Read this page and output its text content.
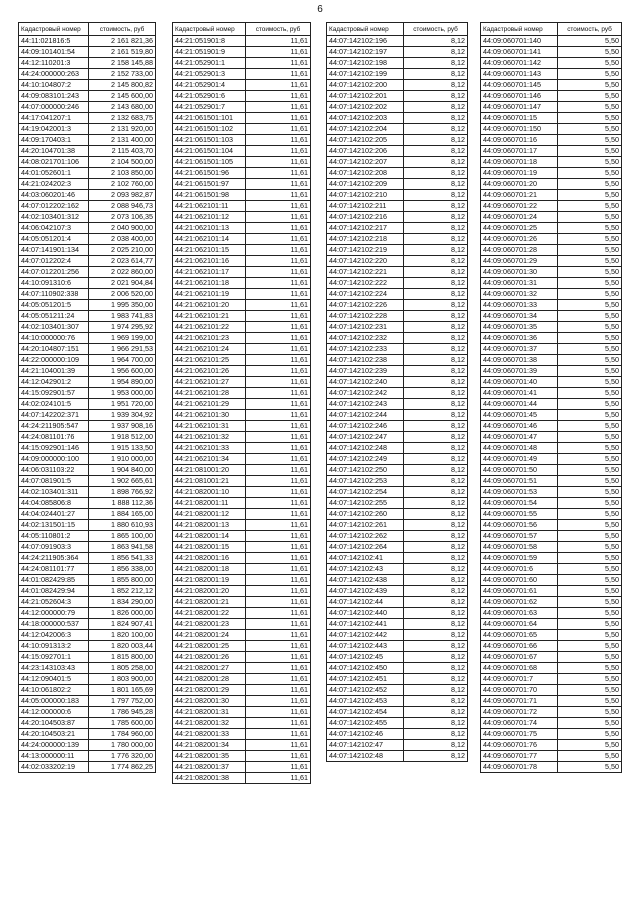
6
Кадастровый номер	стоимость, руб
44:11:021816:5	2 161 821,36
44:09:101401:54	2 161 519,80
44:12:110201:3	2 158 145,88
44:24:000000:263	2 152 733,00
44:10:104807:2	2 145 800,82
44:09:083101:243	2 145 600,00
44:07:000000:246	2 143 680,00
44:17:041207:1	2 132 683,75
44:19:042001:3	2 131 920,00
44:09:170403:1	2 131 400,00
44:20:104701:38	2 115 403,70
44:08:021701:106	2 104 500,00
44:01:052601:1	2 103 850,00
44:21:024202:3	2 102 760,00
44:03:060201:46	2 093 982,87
44:07:012202:162	2 088 946,73
44:02:103401:312	2 073 106,35
44:06:042107:3	2 040 900,00
44:05:051201:4	2 038 400,00
44:07:141901:134	2 025 210,00
44:07:012202:4	2 023 614,77
44:07:012201:256	2 022 860,00
44:10:091310:6	2 021 904,84
44:07:110902:338	2 006 520,00
44:05:051201:5	1 995 350,00
44:05:051211:24	1 983 741,83
44:02:103401:307	1 974 295,92
44:10:000000:76	1 969 199,00
44:20:104807:151	1 966 291,53
44:22:000000:109	1 964 700,00
44:21:104001:39	1 956 600,00
44:12:042901:2	1 954 890,00
44:15:092901:57	1 953 000,00
44:02:024101:5	1 951 720,00
44:07:142202:371	1 939 304,92
44:24:211905:547	1 937 908,16
44:24:081101:76	1 918 512,00
44:15:092901:146	1 915 133,50
44:09:000000:100	1 910 000,00
44:06:031103:22	1 904 840,00
44:07:081901:5	1 902 665,61
44:02:103401:311	1 898 766,92
44:04:085806:8	1 888 112,36
44:04:024401:27	1 884 165,00
44:02:131501:15	1 880 610,93
44:05:110801:2	1 865 100,00
44:07:091903:3	1 863 941,58
44:24:211905:364	1 856 541,33
44:24:081101:77	1 856 338,00
44:01:082429:85	1 855 800,00
44:01:082429:94	1 852 212,12
44:21:052604:3	1 834 290,00
44:12:000000:79	1 826 000,00
44:18:000000:537	1 824 907,41
44:12:042006:3	1 820 100,00
44:10:091313:2	1 820 003,44
44:15:092701:1	1 815 800,00
44:23:143103:43	1 805 258,00
44:12:090401:5	1 803 900,00
44:10:061802:2	1 801 165,69
44:05:000000:183	1 797 752,00
44:12:000000:6	1 786 945,28
44:20:104503:87	1 785 600,00
44:20:104503:21	1 784 960,00
44:24:000000:139	1 780 000,00
44:13:000000:11	1 776 320,00
44:02:033202:19	1 774 862,25
Кадастровый номер	стоимость, руб
44:21:051901:8	11,61
44:21:051901:9	11,61
44:21:052901:1	11,61
44:21:052901:3	11,61
44:21:052901:4	11,61
44:21:052901:6	11,61
44:21:052901:7	11,61
44:21:061501:101	11,61
44:21:061501:102	11,61
44:21:061501:103	11,61
44:21:061501:104	11,61
44:21:061501:105	11,61
44:21:061501:96	11,61
44:21:061501:97	11,61
44:21:061501:98	11,61
44:21:062101:11	11,61
44:21:062101:12	11,61
44:21:062101:13	11,61
44:21:062101:14	11,61
44:21:062101:15	11,61
44:21:062101:16	11,61
44:21:062101:17	11,61
44:21:062101:18	11,61
44:21:062101:19	11,61
44:21:062101:20	11,61
44:21:062101:21	11,61
44:21:062101:22	11,61
44:21:062101:23	11,61
44:21:062101:24	11,61
44:21:062101:25	11,61
44:21:062101:26	11,61
44:21:062101:27	11,61
44:21:062101:28	11,61
44:21:062101:29	11,61
44:21:062101:30	11,61
44:21:062101:31	11,61
44:21:062101:32	11,61
44:21:062101:33	11,61
44:21:062101:34	11,61
44:21:081001:20	11,61
44:21:081001:21	11,61
44:21:082001:10	11,61
44:21:082001:11	11,61
44:21:082001:12	11,61
44:21:082001:13	11,61
44:21:082001:14	11,61
44:21:082001:15	11,61
44:21:082001:16	11,61
44:21:082001:18	11,61
44:21:082001:19	11,61
44:21:082001:20	11,61
44:21:082001:21	11,61
44:21:082001:22	11,61
44:21:082001:23	11,61
44:21:082001:24	11,61
44:21:082001:25	11,61
44:21:082001:26	11,61
44:21:082001:27	11,61
44:21:082001:28	11,61
44:21:082001:29	11,61
44:21:082001:30	11,61
44:21:082001:31	11,61
44:21:082001:32	11,61
44:21:082001:33	11,61
44:21:082001:34	11,61
44:21:082001:35	11,61
44:21:082001:37	11,61
44:21:082001:38	11,61
Кадастровый номер	стоимость, руб
44:07:142102:196	8,12
44:07:142102:197	8,12
44:07:142102:198	8,12
44:07:142102:199	8,12
44:07:142102:200	8,12
44:07:142102:201	8,12
44:07:142102:202	8,12
44:07:142102:203	8,12
44:07:142102:204	8,12
44:07:142102:205	8,12
44:07:142102:206	8,12
44:07:142102:207	8,12
44:07:142102:208	8,12
44:07:142102:209	8,12
44:07:142102:210	8,12
44:07:142102:211	8,12
44:07:142102:216	8,12
44:07:142102:217	8,12
44:07:142102:218	8,12
44:07:142102:219	8,12
44:07:142102:220	8,12
44:07:142102:221	8,12
44:07:142102:222	8,12
44:07:142102:224	8,12
44:07:142102:226	8,12
44:07:142102:228	8,12
44:07:142102:231	8,12
44:07:142102:232	8,12
44:07:142102:233	8,12
44:07:142102:238	8,12
44:07:142102:239	8,12
44:07:142102:240	8,12
44:07:142102:242	8,12
44:07:142102:243	8,12
44:07:142102:244	8,12
44:07:142102:246	8,12
44:07:142102:247	8,12
44:07:142102:248	8,12
44:07:142102:249	8,12
44:07:142102:250	8,12
44:07:142102:253	8,12
44:07:142102:254	8,12
44:07:142102:255	8,12
44:07:142102:260	8,12
44:07:142102:261	8,12
44:07:142102:262	8,12
44:07:142102:264	8,12
44:07:142102:41	8,12
44:07:142102:43	8,12
44:07:142102:438	8,12
44:07:142102:439	8,12
44:07:142102:44	8,12
44:07:142102:440	8,12
44:07:142102:441	8,12
44:07:142102:442	8,12
44:07:142102:443	8,12
44:07:142102:45	8,12
44:07:142102:450	8,12
44:07:142102:451	8,12
44:07:142102:452	8,12
44:07:142102:453	8,12
44:07:142102:454	8,12
44:07:142102:455	8,12
44:07:142102:46	8,12
44:07:142102:47	8,12
44:07:142102:48	8,12
Кадастровый номер	стоимость, руб
44:09:060701:140	5,50
44:09:060701:141	5,50
44:09:060701:142	5,50
44:09:060701:143	5,50
44:09:060701:145	5,50
44:09:060701:146	5,50
44:09:060701:147	5,50
44:09:060701:15	5,50
44:09:060701:150	5,50
44:09:060701:16	5,50
44:09:060701:17	5,50
44:09:060701:18	5,50
44:09:060701:19	5,50
44:09:060701:20	5,50
44:09:060701:21	5,50
44:09:060701:22	5,50
44:09:060701:24	5,50
44:09:060701:25	5,50
44:09:060701:26	5,50
44:09:060701:28	5,50
44:09:060701:29	5,50
44:09:060701:30	5,50
44:09:060701:31	5,50
44:09:060701:32	5,50
44:09:060701:33	5,50
44:09:060701:34	5,50
44:09:060701:35	5,50
44:09:060701:36	5,50
44:09:060701:37	5,50
44:09:060701:38	5,50
44:09:060701:39	5,50
44:09:060701:40	5,50
44:09:060701:41	5,50
44:09:060701:44	5,50
44:09:060701:45	5,50
44:09:060701:46	5,50
44:09:060701:47	5,50
44:09:060701:48	5,50
44:09:060701:49	5,50
44:09:060701:50	5,50
44:09:060701:51	5,50
44:09:060701:53	5,50
44:09:060701:54	5,50
44:09:060701:55	5,50
44:09:060701:56	5,50
44:09:060701:57	5,50
44:09:060701:58	5,50
44:09:060701:59	5,50
44:09:060701:6	5,50
44:09:060701:60	5,50
44:09:060701:61	5,50
44:09:060701:62	5,50
44:09:060701:63	5,50
44:09:060701:64	5,50
44:09:060701:65	5,50
44:09:060701:66	5,50
44:09:060701:67	5,50
44:09:060701:68	5,50
44:09:060701:7	5,50
44:09:060701:70	5,50
44:09:060701:71	5,50
44:09:060701:72	5,50
44:09:060701:74	5,50
44:09:060701:75	5,50
44:09:060701:76	5,50
44:09:060701:77	5,50
44:09:060701:78	5,50
